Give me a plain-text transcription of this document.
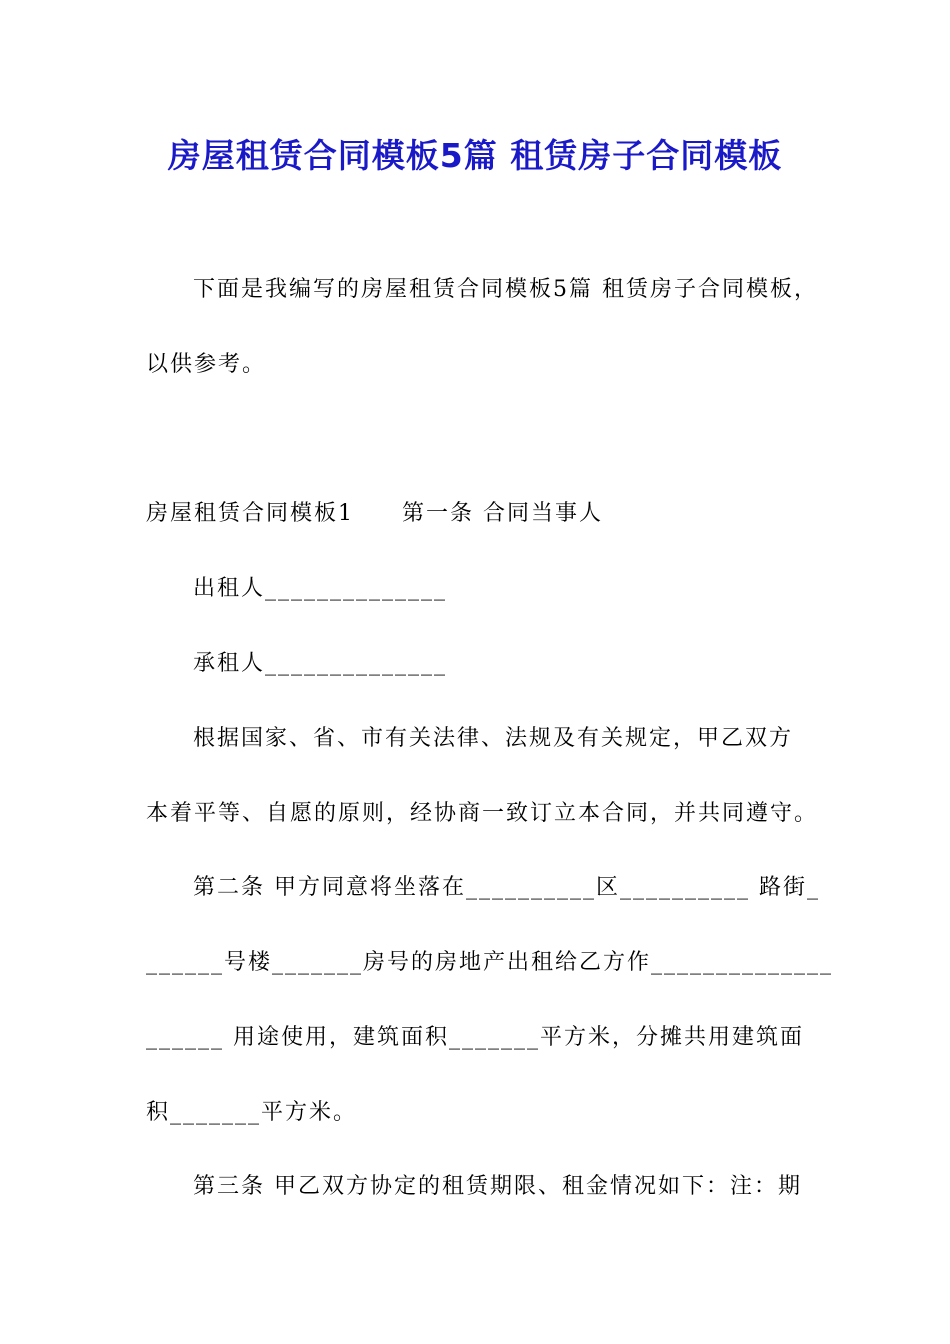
房屋租赁合同模板5篇 租赁房子合同模板
下面是我编写的房屋租赁合同模板5篇 租赁房子合同模板，
以供参考。
房屋租赁合同模板1 第一条 合同当事人
出租人______________
承租人______________
根据国家、省、市有关法律、法规及有关规定，甲乙双方
本着平等、自愿的原则，经协商一致订立本合同，并共同遵守。
第二条 甲方同意将坐落在__________区__________ 路街_
______号楼_______房号的房地产出租给乙方作______________
______ 用途使用，建筑面积_______平方米，分摊共用建筑面
积_______平方米。
第三条 甲乙双方协定的租赁期限、租金情况如下：注：期
